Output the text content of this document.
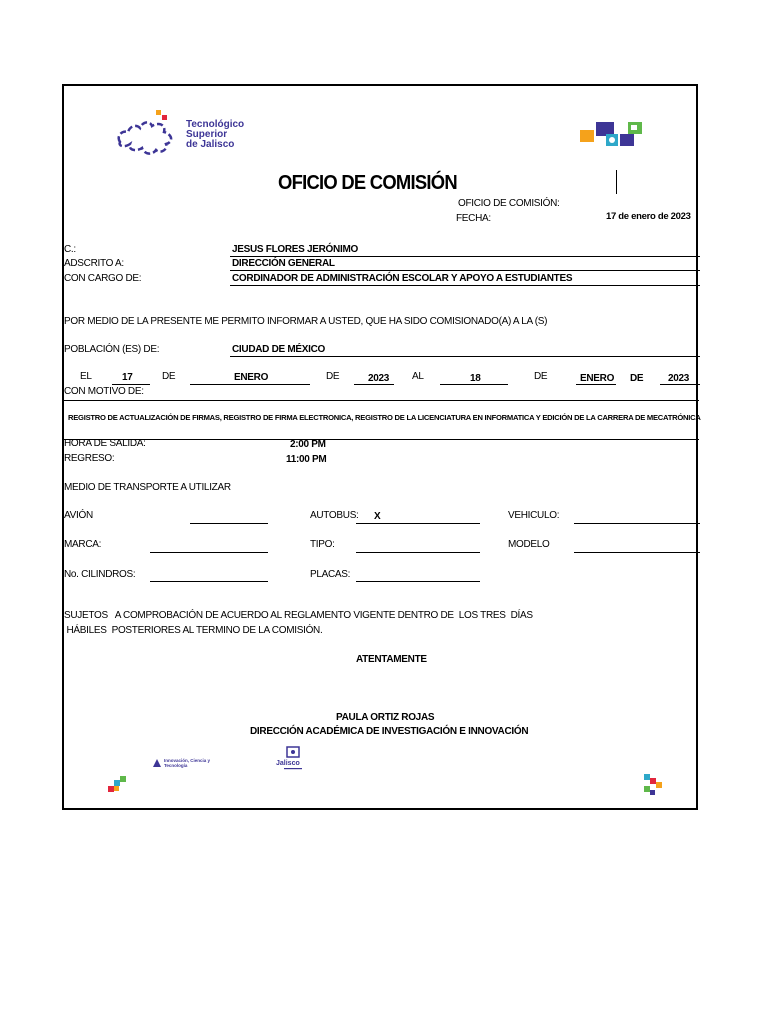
Tecnológico
Superior
de Jalisco
OFICIO DE COMISIÓN
OFICIO DE COMISIÓN:
FECHA:	17 de enero de 2023
C.:	JESUS FLORES JERÓNIMO
ADSCRITO A:	DIRECCIÓN GENERAL
CON CARGO DE:	CORDINADOR DE ADMINISTRACIÓN ESCOLAR Y APOYO A ESTUDIANTES
POR MEDIO DE LA PRESENTE ME PERMITO INFORMAR A USTED, QUE HA SIDO COMISIONADO(A) A LA (S)
POBLACIÓN (ES) DE:	CIUDAD DE MÉXICO
EL	17	DE	ENERO	DE	2023 AL	18	DE	ENERO DE 2023
CON MOTIVO DE:
REGISTRO DE ACTUALIZACIÓN DE FIRMAS, REGISTRO DE FIRMA ELECTRONICA, REGISTRO DE LA LICENCIATURA EN INFORMATICA Y EDICIÓN DE LA CARRERA DE MECATRÓNICA
HORA DE SALIDA:	2:00 PM
REGRESO:	11:00 PM
MEDIO DE TRANSPORTE A UTILIZAR
AVIÓN	AUTOBUS: X	VEHICULO:
MARCA:	TIPO:	MODELO
No. CILINDROS:	PLACAS:
SUJETOS   A COMPROBACIÓN DE ACUERDO AL REGLAMENTO VIGENTE DENTRO DE  LOS TRES  DÍAS
HÁBILES  POSTERIORES AL TERMINO DE LA COMISIÓN.
ATENTAMENTE
PAULA ORTIZ ROJAS
DIRECCIÓN ACADÉMICA DE INVESTIGACIÓN E INNOVACIÓN
Innovación, Ciencia y Tecnología	Jalisco
